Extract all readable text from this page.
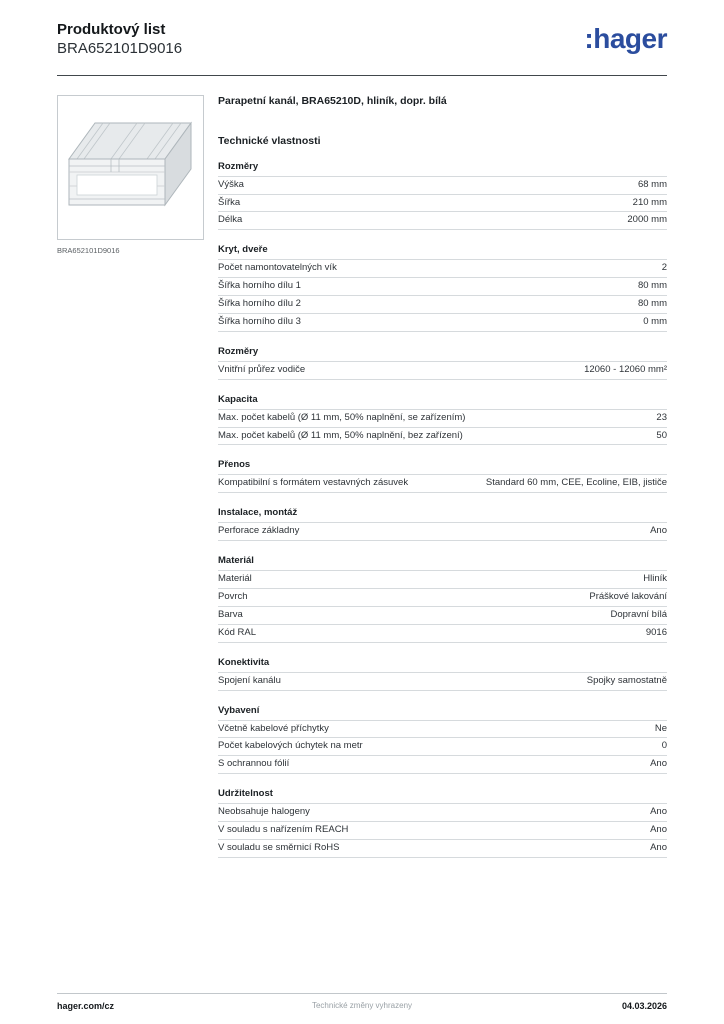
Produktový list
BRA652101D9016	:hager
BRA652101D9016
Parapetní kanál, BRA65210D, hliník, dopr. bílá
Technické vlastnosti
Rozměry
Výška	68 mm
Šířka	210 mm
Délka	2000 mm
Kryt, dveře
Počet namontovatelných vík	2
Šířka horního dílu 1	80 mm
Šířka horního dílu 2	80 mm
Šířka horního dílu 3	0 mm
Rozměry
Vnitřní průřez vodiče	12060 - 12060 mm²
Kapacita
Max. počet kabelů (Ø 11 mm, 50% naplnění, se zařízením)	23
Max. počet kabelů (Ø 11 mm, 50% naplnění, bez zařízení)	50
Přenos
Kompatibilní s formátem vestavných zásuvek	Standard 60 mm, CEE, Ecoline, EIB, jističe
Instalace, montáž
Perforace základny	Ano
Materiál
Materiál	Hliník
Povrch	Práškové lakování
Barva	Dopravní bílá
Kód RAL	9016
Konektivita
Spojení kanálu	Spojky samostatně
Vybavení
Včetně kabelové příchytky	Ne
Počet kabelových úchytek na metr	0
S ochrannou fólií	Ano
Udržitelnost
Neobsahuje halogeny	Ano
V souladu s nařízením REACH	Ano
V souladu se směrnicí RoHS	Ano
hager.com/cz	Technické změny vyhrazeny	04.03.2026
